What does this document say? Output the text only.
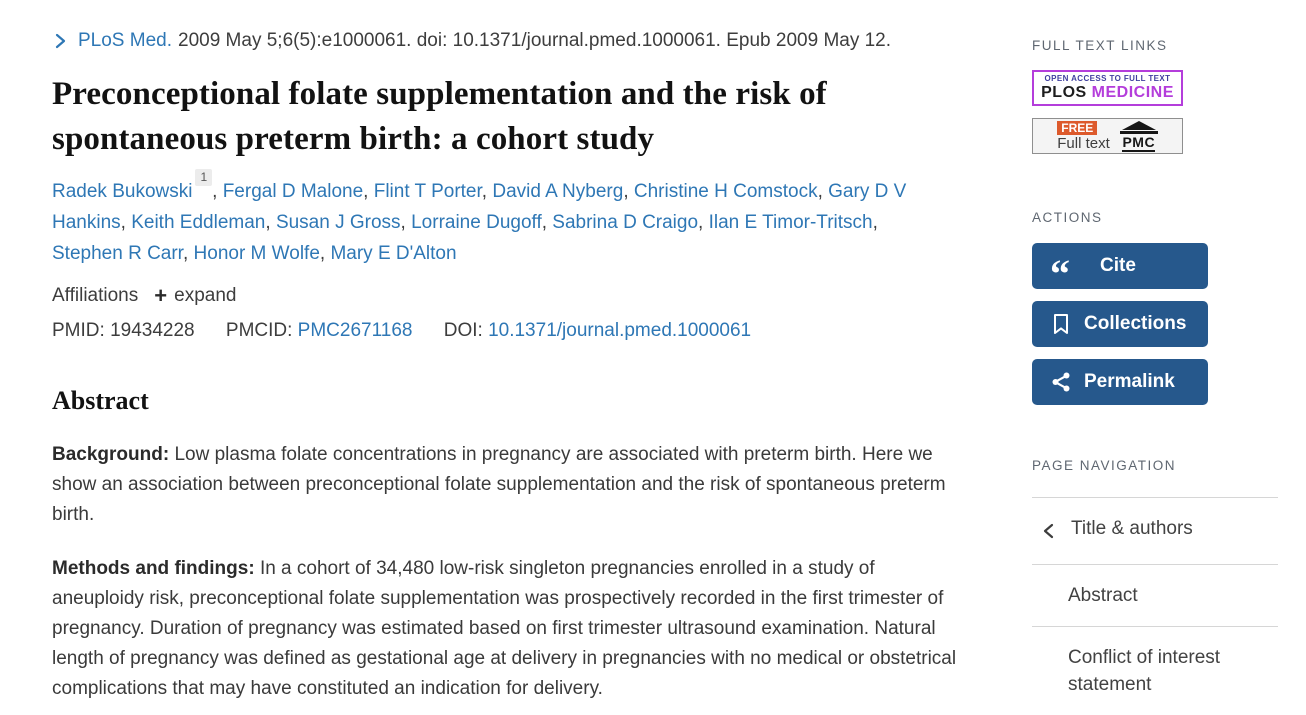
PLoS Med. 2009 May 5;6(5):e1000061. doi: 10.1371/journal.pmed.1000061. Epub 2009 May 12.
Preconceptional folate supplementation and the risk of spontaneous preterm birth: a cohort study
Radek Bukowski$^1$, Fergal D Malone, Flint T Porter, David A Nyberg, Christine H Comstock, Gary D V Hankins, Keith Eddleman, Susan J Gross, Lorraine Dugoff, Sabrina D Craigo, Ilan E Timor-Tritsch, Stephen R Carr, Honor M Wolfe, Mary E D'Alton
Affiliations + expand
PMID: 19434228 PMCID: PMC2671168 DOI: 10.1371/journal.pmed.1000061
Abstract

Background: Low plasma folate concentrations in pregnancy are associated with preterm birth. Here we show an association between preconceptional folate supplementation and the risk of spontaneous preterm birth.

Methods and findings: In a cohort of 34,480 low-risk singleton pregnancies enrolled in a study of aneuploidy risk, preconceptional folate supplementation was prospectively recorded in the first trimester of pregnancy. Duration of pregnancy was estimated based on first trimester ultrasound examination. Natural length of pregnancy was defined as gestational age at delivery in pregnancies with no medical or obstetrical complications that may have constituted an indication for delivery.

FULL TEXT LINKS
OPEN ACCESS TO FULL TEXT
PLOS MEDICINE
FREE
Full text PMC
ACTIONS
“ Cite
Collections
Permalink
PAGE NAVIGATION
Title & authors
Abstract
Conflict of interest statement
